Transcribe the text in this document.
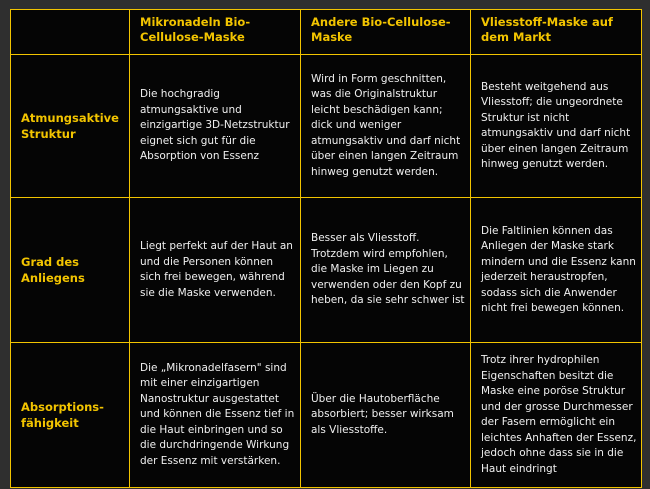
	Mikronadeln Bio-Cellulose-Maske	Andere Bio-Cellulose-Maske	Vliesstoff-Maske auf dem Markt
Atmungsaktive Struktur	Die hochgradig atmungsaktive und einzigartige 3D-Netzstruktur eignet sich gut für die Absorption von Essenz	Wird in Form geschnitten, was die Originalstruktur leicht beschädigen kann; dick und weniger atmungsaktiv und darf nicht über einen langen Zeitraum hinweg genutzt werden.	Besteht weitgehend aus Vliesstoff; die ungeordnete Struktur ist nicht atmungsaktiv und darf nicht über einen langen Zeitraum hinweg genutzt werden.
Grad des Anliegens	Liegt perfekt auf der Haut an und die Personen können sich frei bewegen, während sie die Maske verwenden.	Besser als Vliesstoff. Trotzdem wird empfohlen, die Maske im Liegen zu verwenden oder den Kopf zu heben, da sie sehr schwer ist	Die Faltlinien können das Anliegen der Maske stark mindern und die Essenz kann jederzeit heraustropfen, sodass sich die Anwender nicht frei bewegen können.
Absorptions-fähigkeit	Die „Mikronadelfasern" sind mit einer einzigartigen Nanostruktur ausgestattet und können die Essenz tief in die Haut einbringen und so die durchdringende Wirkung der Essenz mit verstärken.	Über die Hautoberfläche absorbiert; besser wirksam als Vliesstoffe.	Trotz ihrer hydrophilen Eigenschaften besitzt die Maske eine poröse Struktur und der grosse Durchmesser der Fasern ermöglicht ein leichtes Anhaften der Essenz, jedoch ohne dass sie in die Haut eindringt
